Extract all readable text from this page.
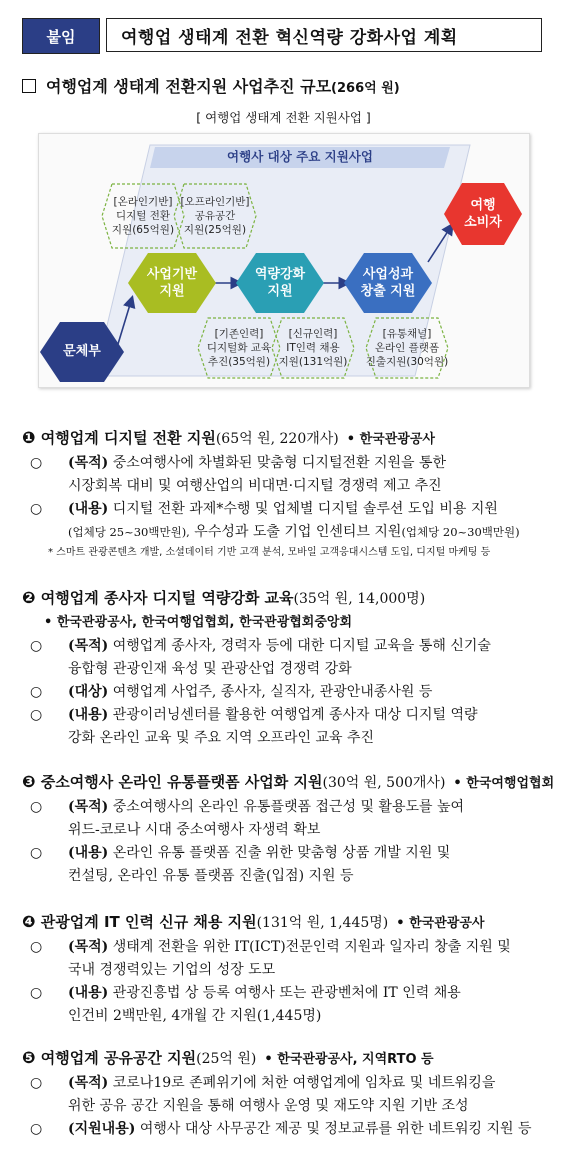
붙임	여행업 생태계 전환 혁신역량 강화사업 계획
여행업계 생태계 전환지원 사업추진 규모(266억 원)
[ 여행업 생태계 전환 지원사업 ]
여행사 대상 주요 지원사업
[온라인기반]
디지털 전환
지원(65억원)
[오프라인기반]
공유공간
지원(25억원)
[기존인력]
디지털화 교육
추진(35억원)
[신규인력]
IT인력 채용
지원(131억원)
[유통채널]
온라인 플랫폼
진출지원(30억원)
문체부
사업기반
지원
역량강화
지원
사업성과
창출 지원
여행
소비자
❶ 여행업계 디지털 전환 지원(65억 원, 220개사) • 한국관광공사
○ (목적) 중소여행사에 차별화된 맞춤형 디지털전환 지원을 통한
시장회복 대비 및 여행산업의 비대면·디지털 경쟁력 제고 추진
○ (내용) 디지털 전환 과제*수행 및 업체별 디지털 솔루션 도입 비용 지원
(업체당 25~30백만원), 우수성과 도출 기업 인센티브 지원(업체당 20~30백만원)
* 스마트 관광콘텐츠 개발, 소셜데이터 기반 고객 분석, 모바일 고객응대시스템 도입, 디지털 마케팅 등
❷ 여행업계 종사자 디지털 역량강화 교육(35억 원, 14,000명)
• 한국관광공사, 한국여행업협회, 한국관광협회중앙회
○ (목적) 여행업계 종사자, 경력자 등에 대한 디지털 교육을 통해 신기술
융합형 관광인재 육성 및 관광산업 경쟁력 강화
○ (대상) 여행업계 사업주, 종사자, 실직자, 관광안내종사원 등
○ (내용) 관광이러닝센터를 활용한 여행업계 종사자 대상 디지털 역량
강화 온라인 교육 및 주요 지역 오프라인 교육 추진
❸ 중소여행사 온라인 유통플랫폼 사업화 지원(30억 원, 500개사) • 한국여행업협회
○ (목적) 중소여행사의 온라인 유통플랫폼 접근성 및 활용도를 높여
위드-코로나 시대 중소여행사 자생력 확보
○ (내용) 온라인 유통 플랫폼 진출 위한 맞춤형 상품 개발 지원 및
컨설팅, 온라인 유통 플랫폼 진출(입점) 지원 등
❹ 관광업계 IT 인력 신규 채용 지원(131억 원, 1,445명) • 한국관광공사
○ (목적) 생태계 전환을 위한 IT(ICT)전문인력 지원과 일자리 창출 지원 및
국내 경쟁력있는 기업의 성장 도모
○ (내용) 관광진흥법 상 등록 여행사 또는 관광벤처에 IT 인력 채용
인건비 2백만원, 4개월 간 지원(1,445명)
❺ 여행업계 공유공간 지원(25억 원) • 한국관광공사, 지역RTO 등
○ (목적) 코로나19로 존폐위기에 처한 여행업계에 임차료 및 네트워킹을
위한 공유 공간 지원을 통해 여행사 운영 및 재도약 지원 기반 조성
○ (지원내용) 여행사 대상 사무공간 제공 및 정보교류를 위한 네트워킹 지원 등
